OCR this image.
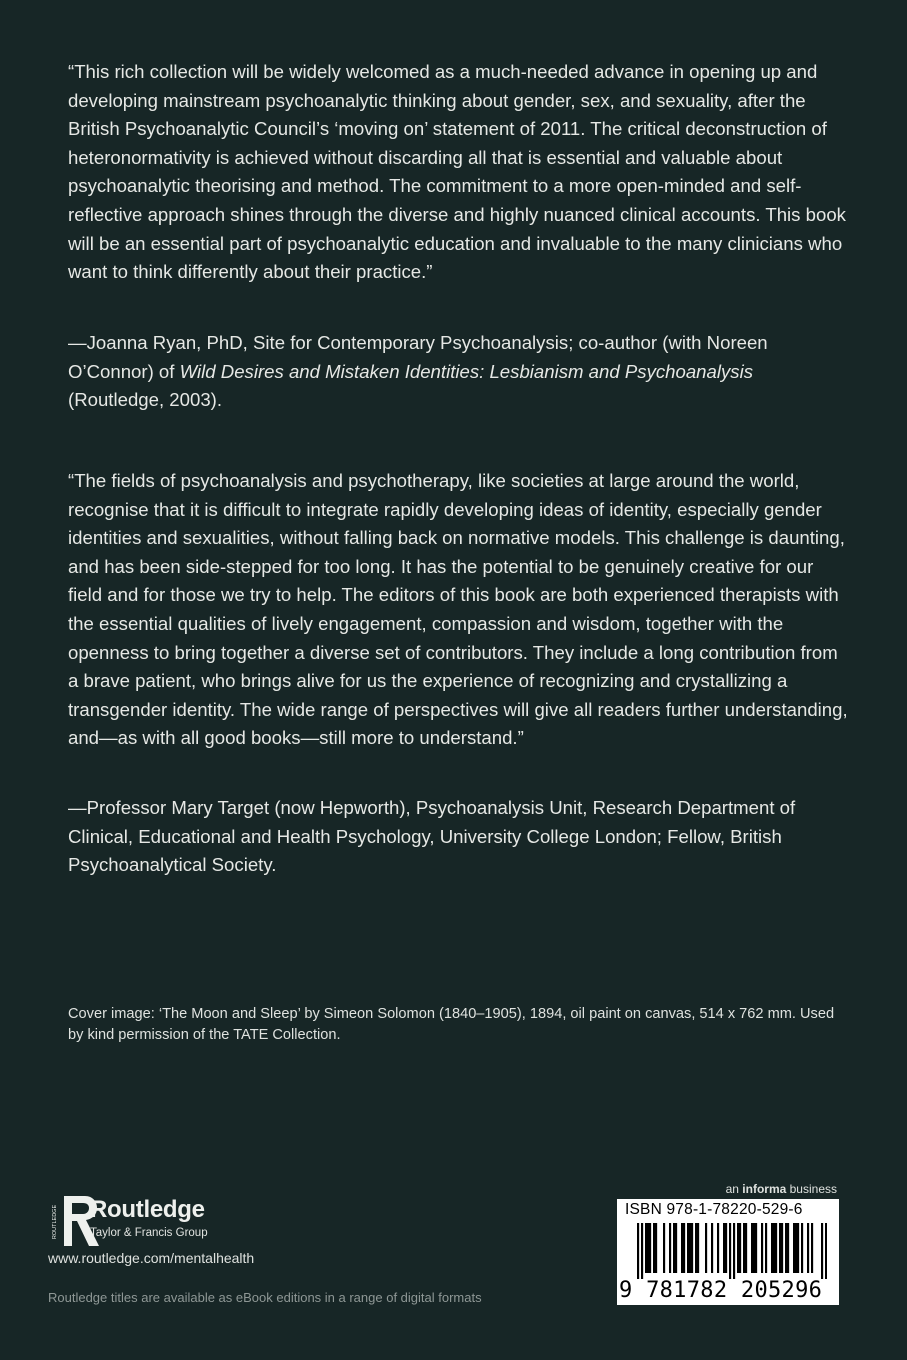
“This rich collection will be widely welcomed as a much-needed advance in opening up and developing mainstream psychoanalytic thinking about gender, sex, and sexuality, after the British Psychoanalytic Council’s ‘moving on’ statement of 2011. The critical deconstruction of heteronormativity is achieved without discarding all that is essential and valuable about psychoanalytic theorising and method. The commitment to a more open-minded and self-reflective approach shines through the diverse and highly nuanced clinical accounts. This book will be an essential part of psychoanalytic education and invaluable to the many clinicians who want to think differently about their practice.”

—Joanna Ryan, PhD, Site for Contemporary Psychoanalysis; co-author (with Noreen O’Connor) of Wild Desires and Mistaken Identities: Lesbianism and Psychoanalysis (Routledge, 2003).

“The fields of psychoanalysis and psychotherapy, like societies at large around the world, recognise that it is difficult to integrate rapidly developing ideas of identity, especially gender identities and sexualities, without falling back on normative models. This challenge is daunting, and has been side-stepped for too long. It has the potential to be genuinely creative for our field and for those we try to help. The editors of this book are both experienced therapists with the essential qualities of lively engagement, compassion and wisdom, together with the openness to bring together a diverse set of contributors. They include a long contribution from a brave patient, who brings alive for us the experience of recognizing and crystallizing a transgender identity. The wide range of perspectives will give all readers further understanding, and—as with all good books—still more to understand.”

—Professor Mary Target (now Hepworth), Psychoanalysis Unit, Research Department of Clinical, Educational and Health Psychology, University College London; Fellow, British Psychoanalytical Society.

Cover image: ‘The Moon and Sleep’ by Simeon Solomon (1840–1905), 1894, oil paint on canvas, 514 x 762 mm. Used by kind permission of the TATE Collection.

ROUTLEDGE Routledge
Taylor & Francis Group
www.routledge.com/mentalhealth
Routledge titles are available as eBook editions in a range of digital formats
an informa business
ISBN 978-1-78220-529-6
9 781782 205296
